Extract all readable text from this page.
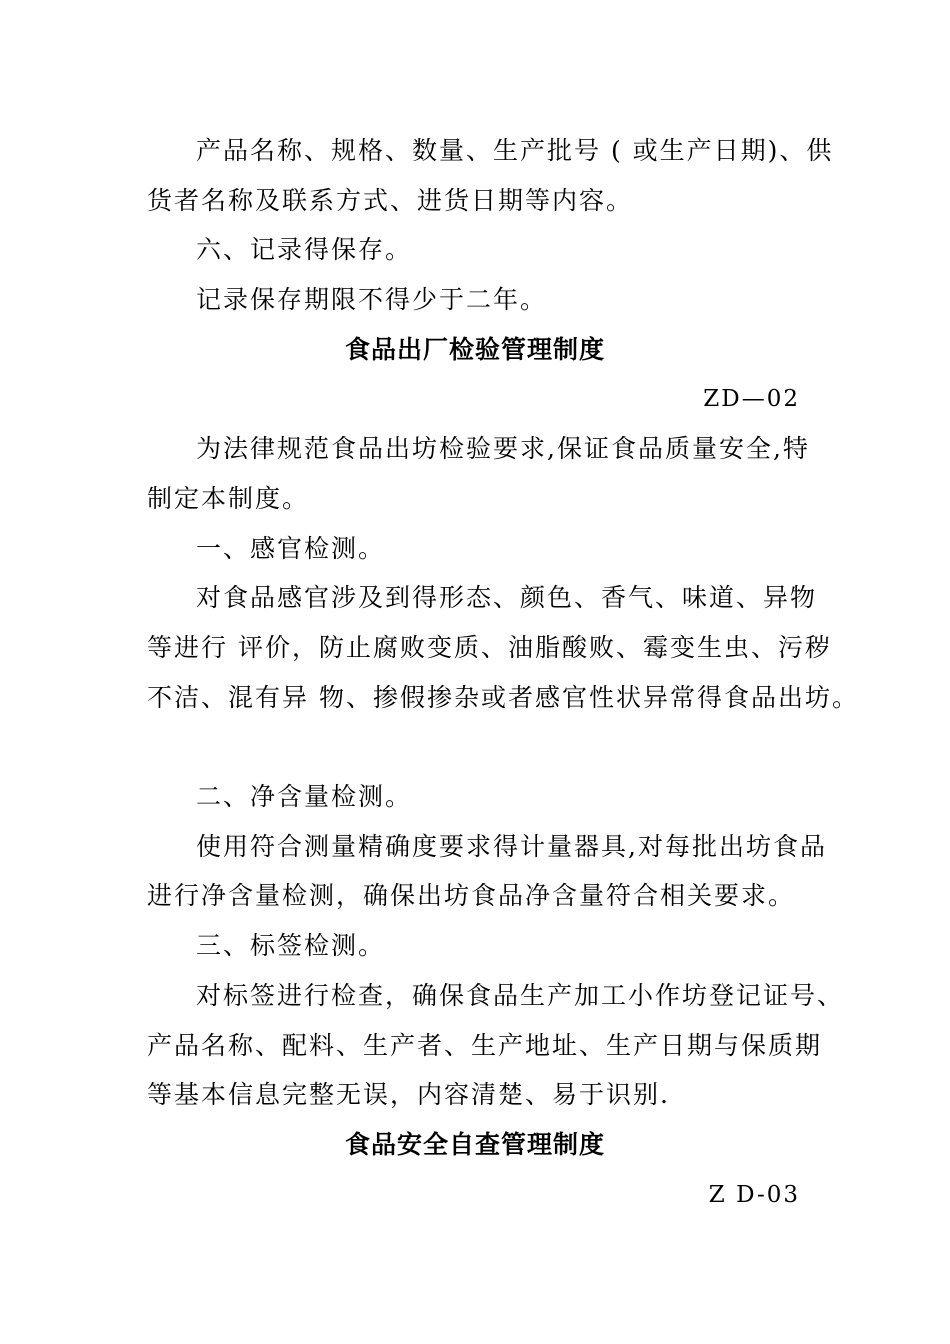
产品名称、规格、数量、生产批号 ( 或生产日期)、供
货者名称及联系方式、进货日期等内容。
六、记录得保存。
记录保存期限不得少于二年。
食品出厂检验管理制度
ZD—02
为法律规范食品出坊检验要求,保证食品质量安全,特
制定本制度。
一、感官检测。
对食品感官涉及到得形态、颜色、香气、味道、异物
等进行 评价，防止腐败变质、油脂酸败、霉变生虫、污秽
不洁、混有异 物、掺假掺杂或者感官性状异常得食品出坊。
二、净含量检测。
使用符合测量精确度要求得计量器具,对每批出坊食品
进行净含量检测，确保出坊食品净含量符合相关要求。
三、标签检测。
对标签进行检查，确保食品生产加工小作坊登记证号、
产品名称、配料、生产者、生产地址、生产日期与保质期
等基本信息完整无误，内容清楚、易于识别.
食品安全自查管理制度
Z D-03
